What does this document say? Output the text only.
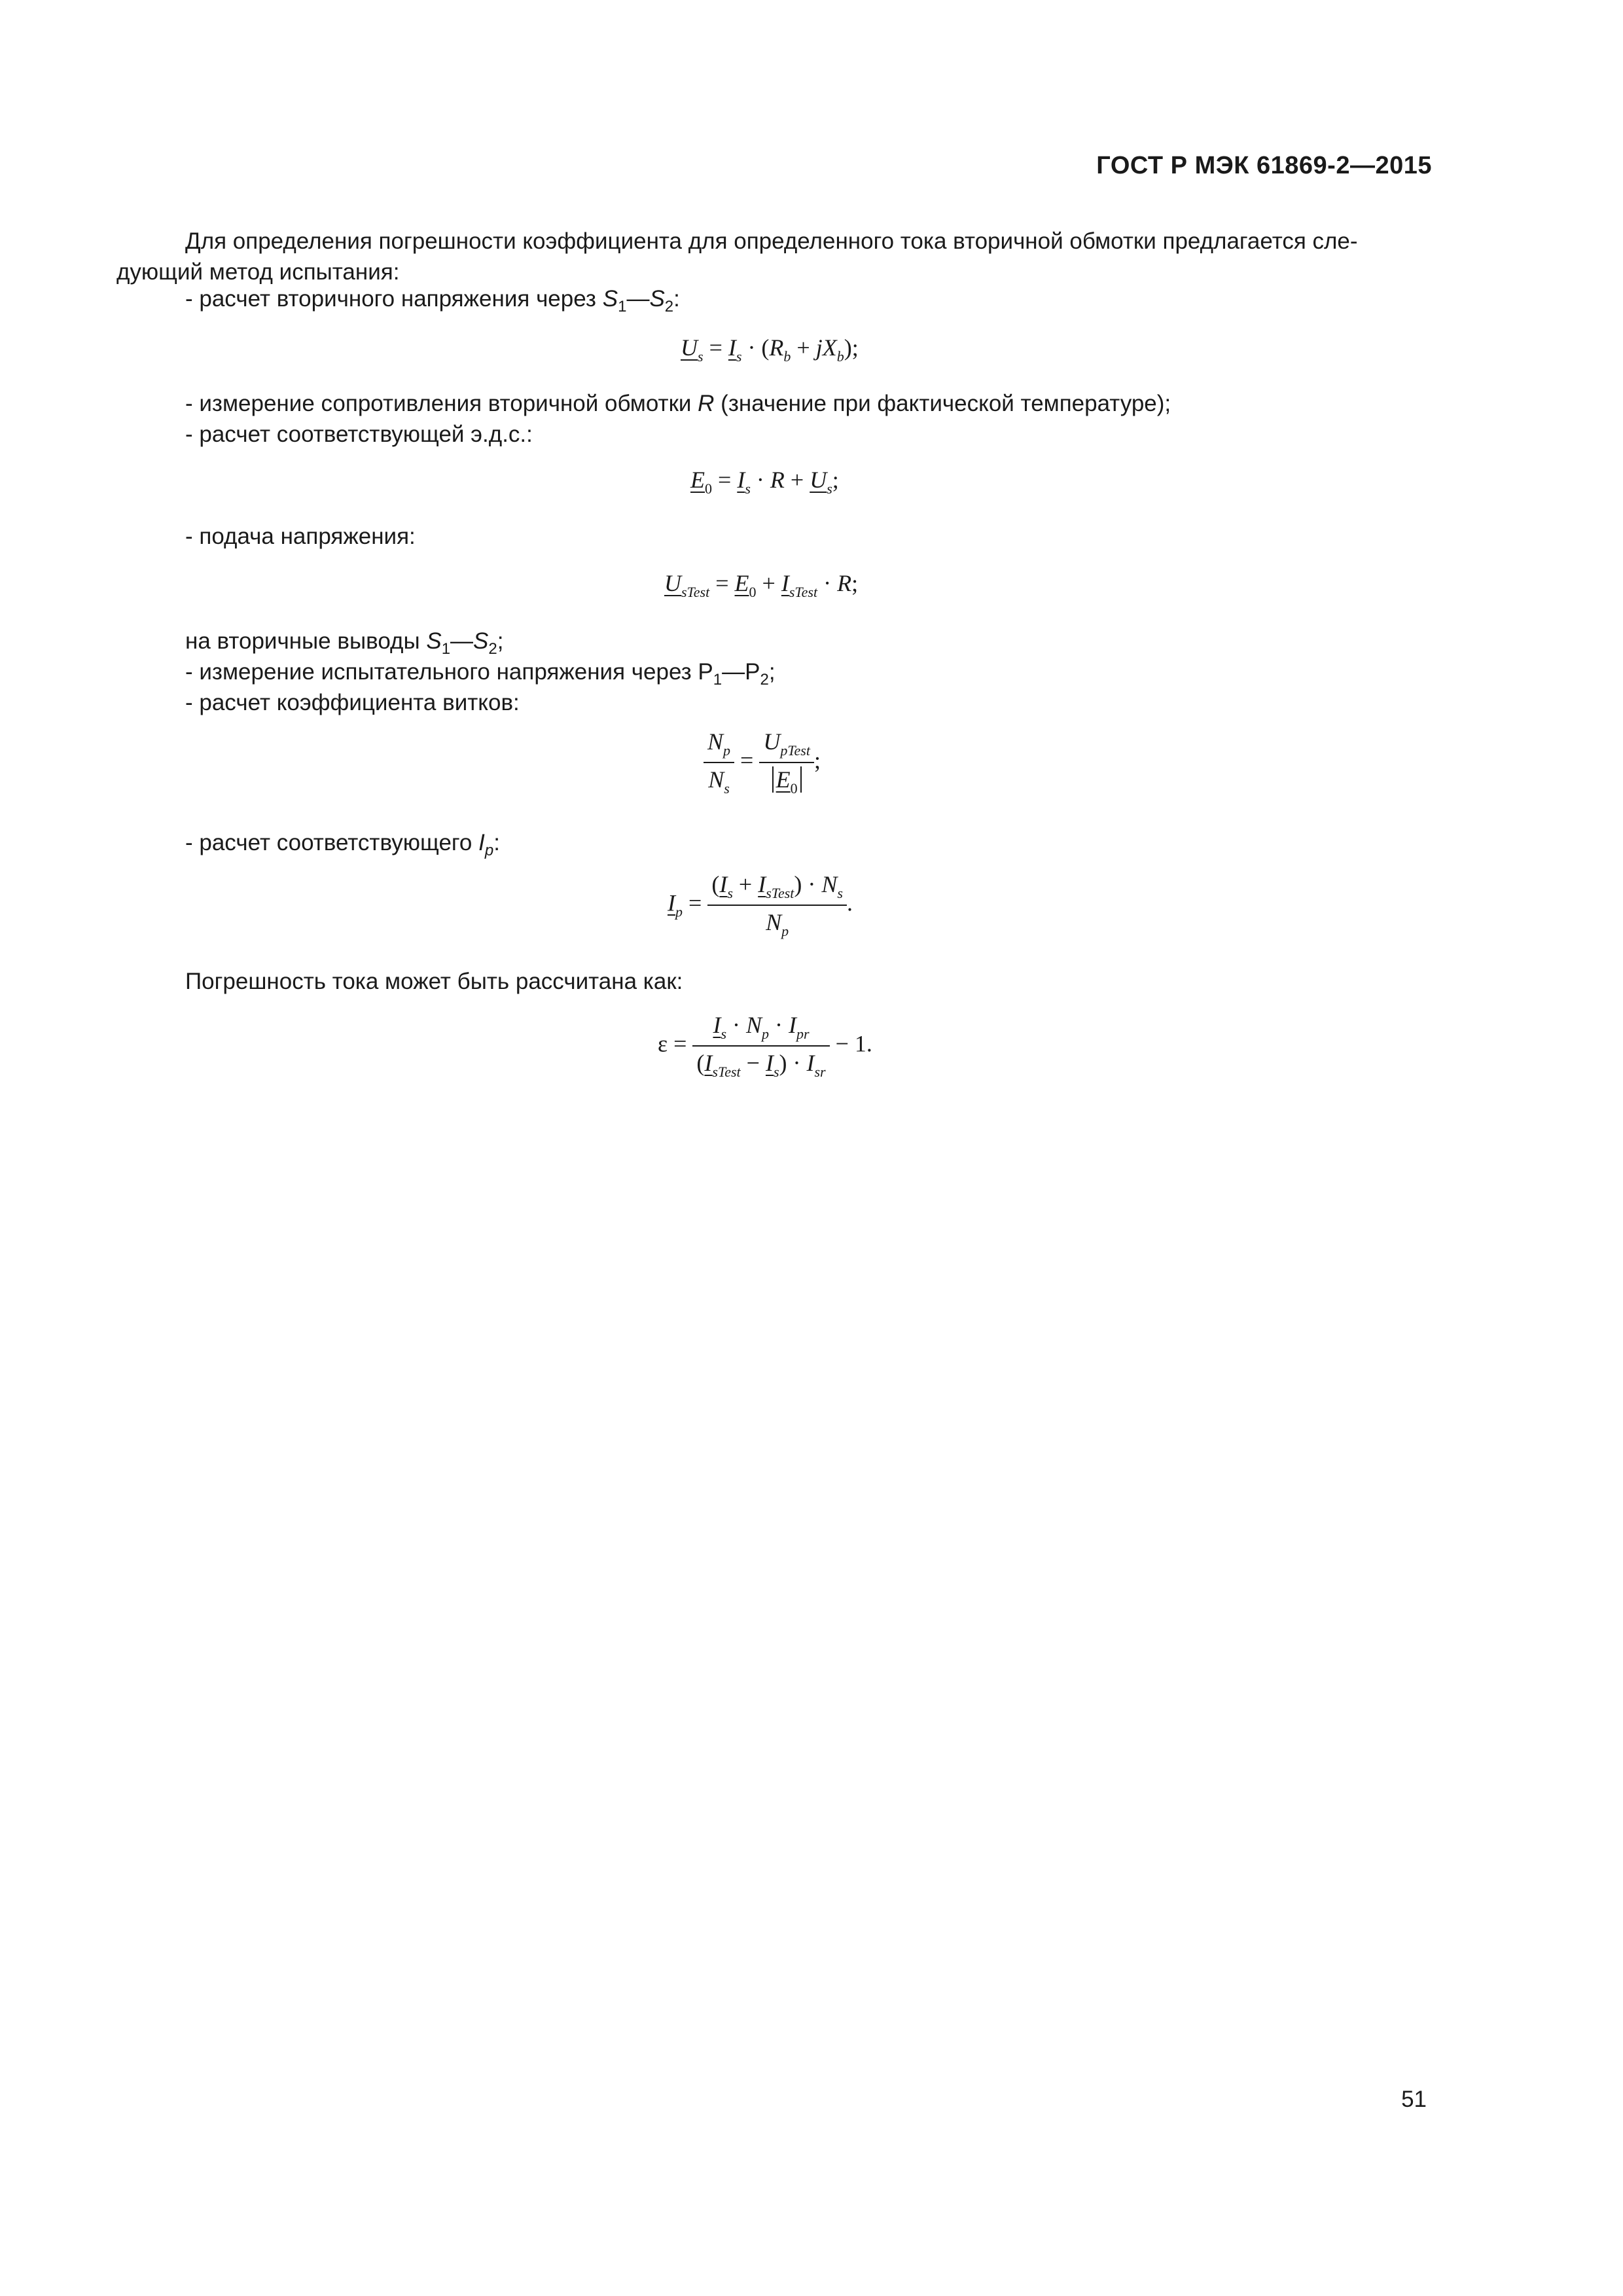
ГОСТ Р МЭК 61869-2—2015

Для определения погрешности коэффициента для определенного тока вторичной обмотки предлагается сле-дующий метод испытания:

- расчет вторичного напряжения через $S_1—S_2$:
$U_s = I_s \cdot (R_b + jX_b)$;
- измерение сопротивления вторичной обмотки R (значение при фактической температуре);
- расчет соответствующей э.д.с.:
$E_0 = I_s \cdot R + U_s$;
- подача напряжения:
$U_{sTest} = E_0 + I_{sTest} \cdot R$;
на вторичные выводы $S_1—S_2$;
- измерение испытательного напряжения через $Р_1—Р_2$;
- расчет коэффициента витков:
$\frac{N_p}{N_s} = \frac{U_{pTest}}{E_0}$ ;
- расчет соответствующего $I_p$:
$I_p = \frac{(I_s + I_{sTest}) \cdot N_s}{N_p}$ .
Погрешность тока может быть рассчитана как:
$\varepsilon = \frac{I_s \cdot N_p \cdot I_{pr}}{(I_{sTest} - I_s) \cdot I_{sr}} - 1$.
51
